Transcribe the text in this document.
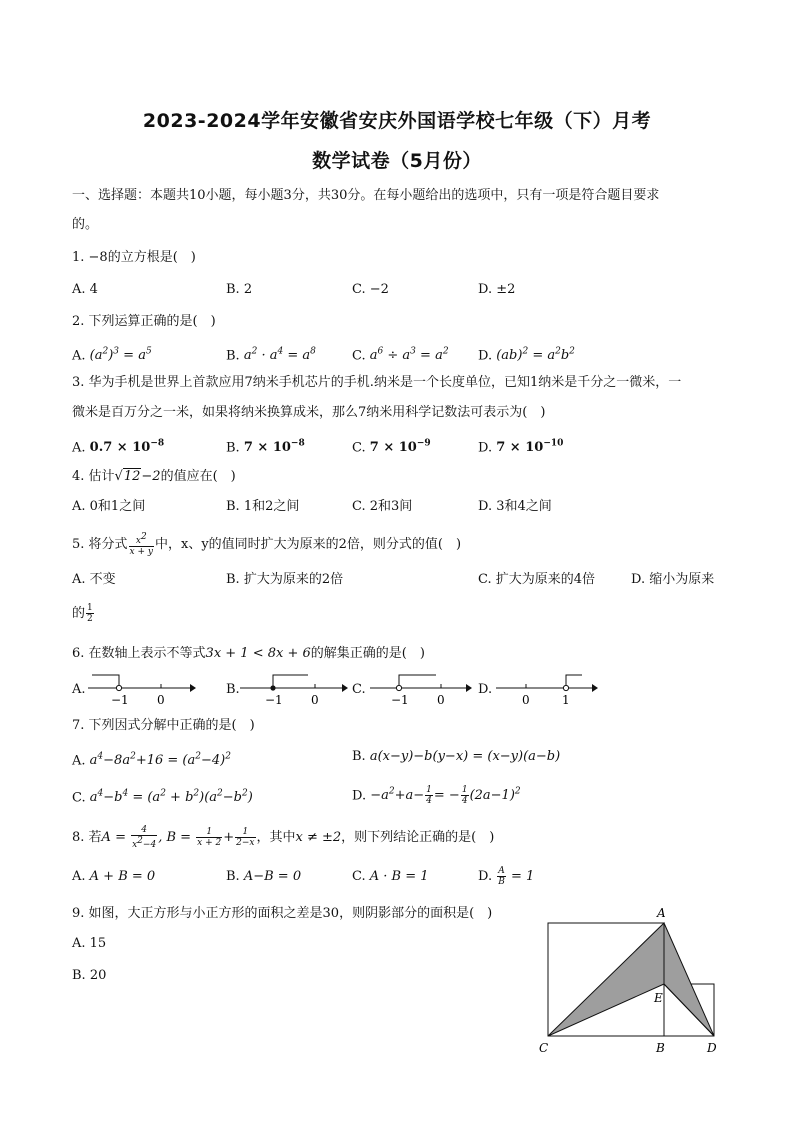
2023-2024学年安徽省安庆外国语学校七年级（下）月考
数学试卷（5月份）
一、选择题：本题共10小题，每小题3分，共30分。在每小题给出的选项中，只有一项是符合题目要求
的。
1. −8的立方根是(　)
A. 4	B. 2	C. −2	D. ±2
2. 下列运算正确的是(　)
A. $(a^2)^3 = a^5$	B. $a^2 \cdot a^4 = a^8$	C. $a^6 \div a^3 = a^2$ D. $(ab)^2 = a^2b^2$
3. 华为手机是世界上首款应用7纳米手机芯片的手机.纳米是一个长度单位，已知1纳米是千分之一微米，一
微米是百万分之一米，如果将纳米换算成米，那么7纳米用科学记数法可表示为(　)
A. $0.7 \times 10^{-8}$	B. $7 \times 10^{-8}$	C. $7 \times 10^{-9}$	D. $7 \times 10^{-10}$
4. 估计√12−2的值应在(　)
A. 0和1之间	B. 1和2之间	C. 2和3间	D. 3和4之间
5. 将分式 $\frac{x^2}{x + y}$ 中，x、y的值同时扩大为原来的2倍，则分式的值(　)
A. 不变	B. 扩大为原来的2倍	C. 扩大为原来的4倍	D. 缩小为原来
的 $\frac{1}{2}$
6. 在数轴上表示不等式3x + 1 < 8x + 6的解集正确的是(　)
A.
−1 0
B.
−1 0
C.
−1 0
D.
0	1
7. 下列因式分解中正确的是(　)
A. $a^4-8a^2+16 = (a^2-4)^2$	B. a(x−y)−b(y−x) = (x−y)(a−b)
C. $a^4-b^4 = (a^2 + b^2)(a^2-b^2)$	D. $-a^2+a- \frac{1}{4}$ = − $\frac{1}{4} (2a-1)^2$
8. 若$A = \frac{4}{x^2-4}$ , $B = \frac{1}{x + 2} + \frac{1}{2-x}$ ，其中x ≠ ±2，则下列结论正确的是(　)
A. A + B = 0	B. A−B = 0	C. A · B = 1	D. $\frac{A}{B} = 1$
9. 如图，大正方形与小正方形的面积之差是30，则阴影部分的面积是(　)
A. 15
B. 20
A
E
C	B	D
